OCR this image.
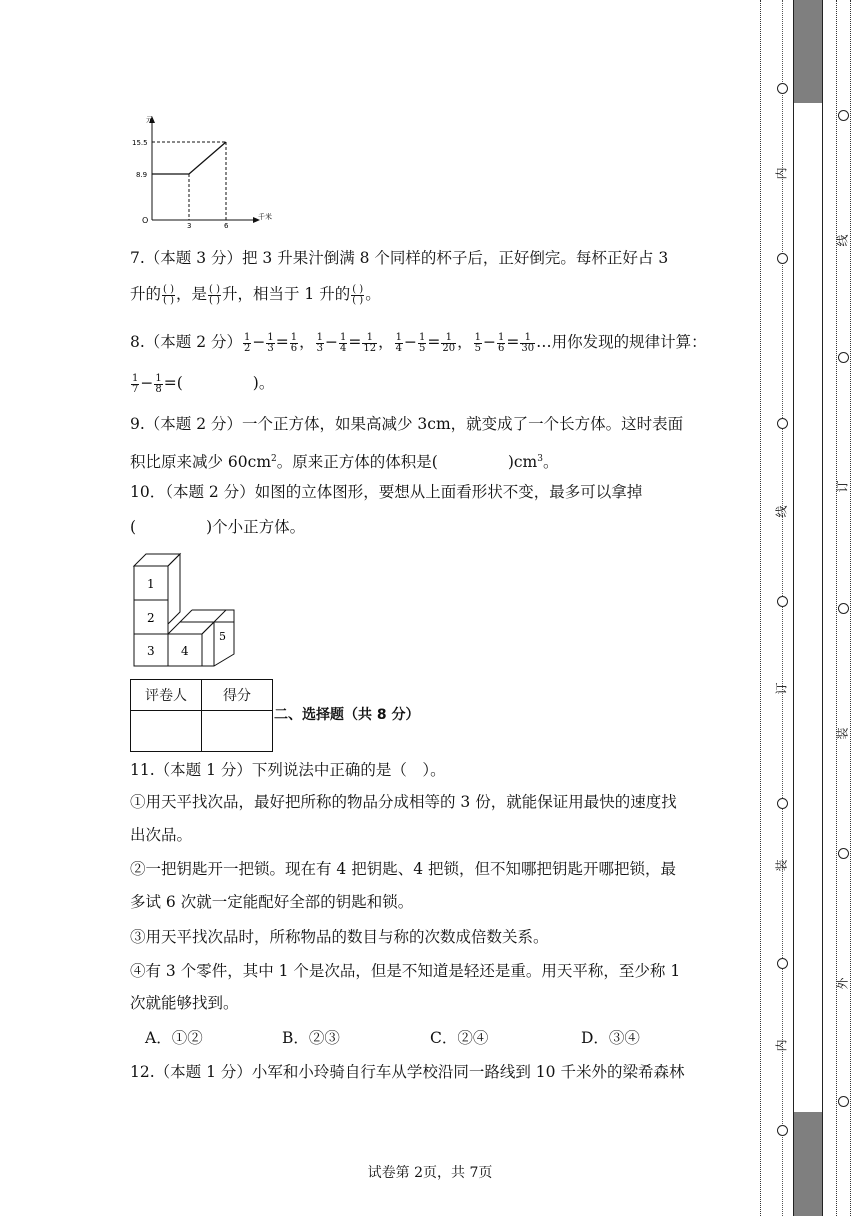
元
千米
O
15.5
8.9
3	6
7.（本题 3 分）把 3 升果汁倒满 8 个同样的杯子后，正好倒完。每杯正好占 3
升的 $\frac{( )}{( )}$ ，是 $\frac{( )}{( )}$ 升，相当于 1 升的 $\frac{( )}{( )}$ 。
8.（本题 2 分） $\frac{1}{2} - \frac{1}{3} = \frac{1}{6}$ ， $\frac{1}{3} - \frac{1}{4} = \frac{1}{12}$ ， $\frac{1}{4} - \frac{1}{5} = \frac{1}{20}$ ， $\frac{1}{5} - \frac{1}{6} = \frac{1}{30}$ …用你发现的规律计算：
$\frac{1}{7} - \frac{1}{8}$ =(	)。
9.（本题 2 分）一个正方体，如果高减少 3cm，就变成了一个长方体。这时表面
积比原来减少 $60cm^2$。原来正方体的体积是(	)$cm^3$。
10．（本题 2 分）如图的立体图形，要想从上面看形状不变，最多可以拿掉
(	)个小正方体。
1
2
3 4
5
评卷人	得分

二、选择题（共 8 分）
11.（本题 1 分）下列说法中正确的是（　）。
①用天平找次品，最好把所称的物品分成相等的 3 份，就能保证用最快的速度找
出次品。
②一把钥匙开一把锁。现在有 4 把钥匙、4 把锁，但不知哪把钥匙开哪把锁，最
多试 6 次就一定能配好全部的钥匙和锁。
③用天平找次品时，所称物品的数目与称的次数成倍数关系。
④有 3 个零件，其中 1 个是次品，但是不知道是轻还是重。用天平称，至少称 1
次就能够找到。
A．①②	B．②③	C．②④	D．③④
12.（本题 1 分）小军和小玲骑自行车从学校沿同一路线到 10 千米外的梁希森林
试卷第 2页，共 7页
内
线
订
装
内
线
订
装
外
